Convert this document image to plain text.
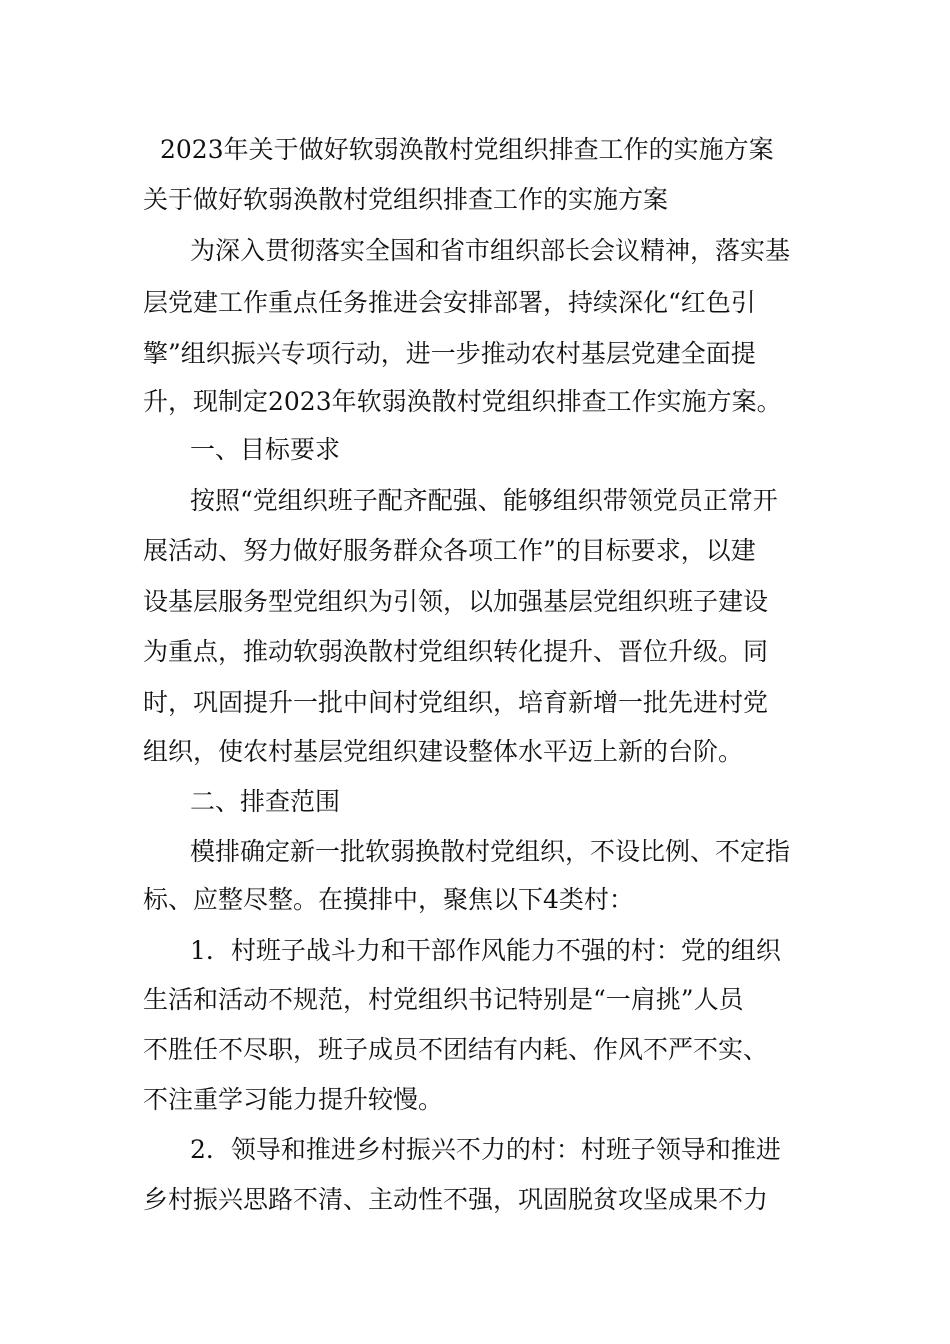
2023年关于做好软弱涣散村党组织排查工作的实施方案

关于做好软弱涣散村党组织排查工作的实施方案

为深入贯彻落实全国和省市组织部长会议精神，落实基

层党建工作重点任务推进会安排部署，持续深化“红色引

擎”组织振兴专项行动，进一步推动农村基层党建全面提

升，现制定2023年软弱涣散村党组织排查工作实施方案。

一、目标要求

按照“党组织班子配齐配强、能够组织带领党员正常开

展活动、努力做好服务群众各项工作”的目标要求，以建

设基层服务型党组织为引领，以加强基层党组织班子建设

为重点，推动软弱涣散村党组织转化提升、晋位升级。同

时，巩固提升一批中间村党组织，培育新增一批先进村党

组织，使农村基层党组织建设整体水平迈上新的台阶。

二、排查范围

模排确定新一批软弱换散村党组织，不设比例、不定指

标、应整尽整。在摸排中，聚焦以下4类村：

1．村班子战斗力和干部作风能力不强的村：党的组织

生活和活动不规范，村党组织书记特别是“一肩挑”人员

不胜任不尽职，班子成员不团结有内耗、作风不严不实、

不注重学习能力提升较慢。

2．领导和推进乡村振兴不力的村：村班子领导和推进

乡村振兴思路不清、主动性不强，巩固脱贫攻坚成果不力
